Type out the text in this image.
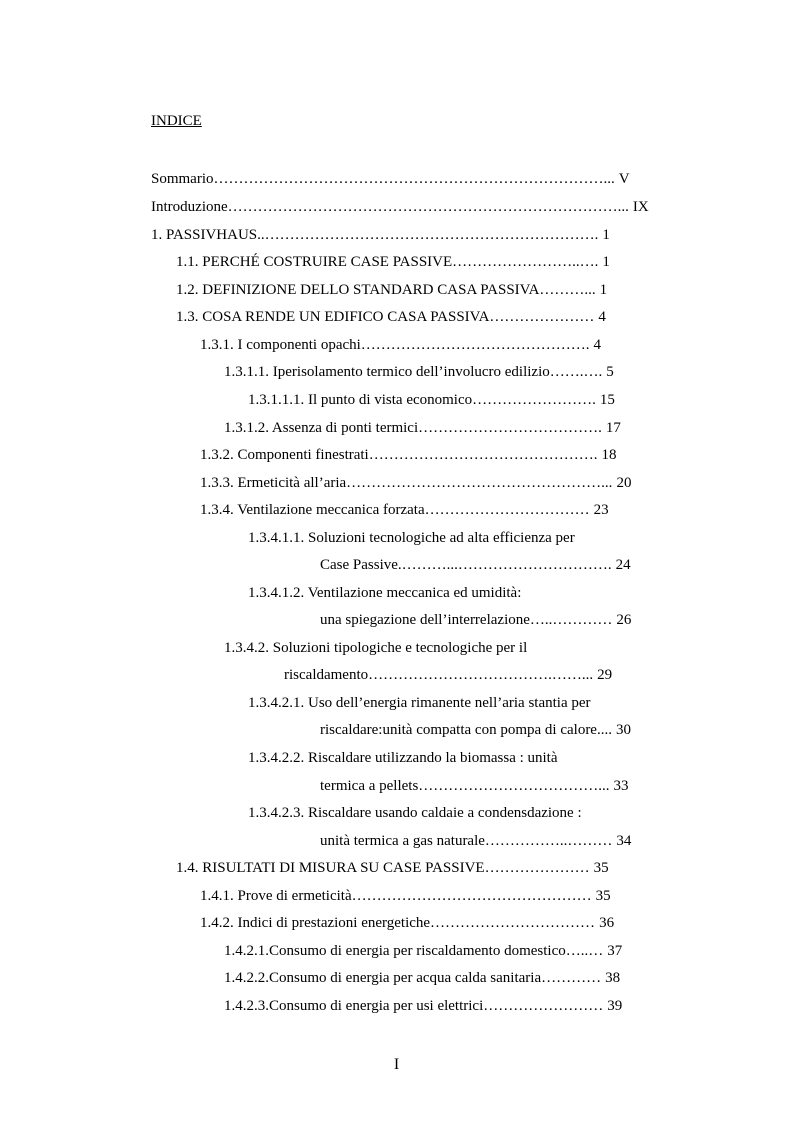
INDICE
Sommario……………………………………………………………………... V
Introduzione……………………………………………………………………... IX
1. PASSIVHAUS..…………………………………………………………. 1
1.1. PERCHÉ COSTRUIRE CASE PASSIVE……………………..…. 1
1.2. DEFINIZIONE DELLO STANDARD CASA PASSIVA………... 1
1.3. COSA RENDE UN EDIFICO CASA PASSIVA………………… 4
1.3.1. I componenti opachi………………………………………. 4
1.3.1.1. Iperisolamento termico dell’involucro edilizio…….…. 5
1.3.1.1.1. Il punto di vista economico……………………. 15
1.3.1.2. Assenza di ponti termici………………………………. 17
1.3.2. Componenti finestrati………………………………………. 18
1.3.3. Ermeticità all’aria……………………………………………... 20
1.3.4. Ventilazione meccanica forzata…………………………… 23
1.3.4.1.1. Soluzioni tecnologiche ad alta efficienza per
Case Passive.………...…………………………. 24
1.3.4.1.2. Ventilazione meccanica ed umidità:
una spiegazione dell’interrelazione…..………… 26
1.3.4.2. Soluzioni tipologiche e tecnologiche per il
riscaldamento……………………………….……... 29
1.3.4.2.1. Uso dell’energia rimanente nell’aria stantia per
riscaldare:unità compatta con pompa di calore.... 30
1.3.4.2.2. Riscaldare utilizzando la biomassa : unità
termica a pellets………………………………... 33
1.3.4.2.3. Riscaldare usando caldaie a condensdazione :
unità termica a gas naturale……………..……… 34
1.4. RISULTATI DI MISURA SU CASE PASSIVE………………… 35
1.4.1. Prove di ermeticità………………………………………… 35
1.4.2. Indici di prestazioni energetiche…………………………… 36
1.4.2.1.Consumo di energia per riscaldamento domestico…..… 37
1.4.2.2.Consumo di energia per acqua calda sanitaria………… 38
1.4.2.3.Consumo di energia per usi elettrici…………………… 39
I
